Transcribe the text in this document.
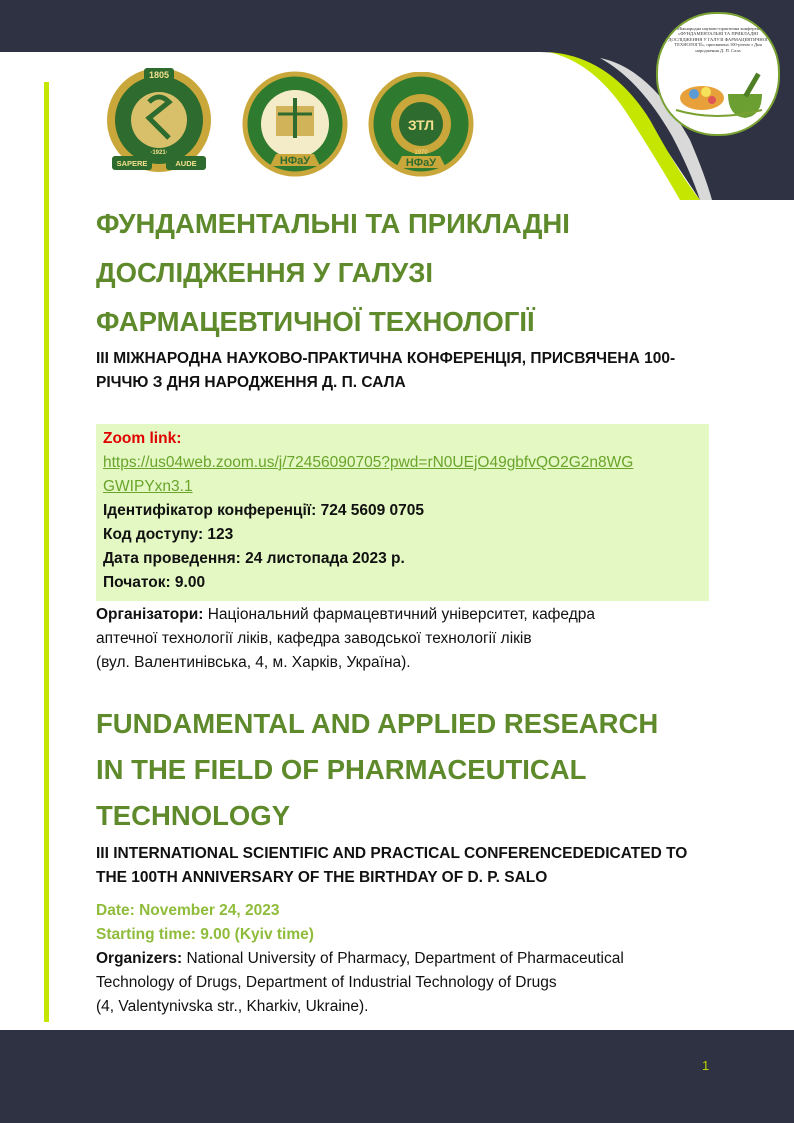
III Міжнародна науково-практична конференція «ФУНДАМЕНТАЛЬНІ ТА ПРИКЛАДНІ ДОСЛІДЖЕННЯ У ГАЛУЗІ ФАРМАЦЕВТИЧНОЇ ТЕХНОЛОГІЇ», присвячена 100-річчю з Дня народження Д. П. Сала
1805
SAPERE	AUDE
·1921·
НФаУ
ЗТЛ
1970
НФаУ
ФУНДАМЕНТАЛЬНІ ТА ПРИКЛАДНІ
ДОСЛІДЖЕННЯ У ГАЛУЗІ
ФАРМАЦЕВТИЧНОЇ ТЕХНОЛОГІЇ
III МІЖНАРОДНА НАУКОВО-ПРАКТИЧНА КОНФЕРЕНЦІЯ, ПРИСВЯЧЕНА 100-
РІЧЧЮ З ДНЯ НАРОДЖЕННЯ Д. П. САЛА
Zoom link:
https://us04web.zoom.us/j/72456090705?pwd=rN0UEjO49gbfvQO2G2n8WG
GWIPYxn3.1
Ідентифікатор конференції: 724 5609 0705
Код доступу: 123
Дата проведення: 24 листопада 2023 р.
Початок: 9.00
Організатори: Національний фармацевтичний університет, кафедра
аптечної технології ліків, кафедра заводської технології ліків
(вул. Валентинівська, 4, м. Харків, Україна).
FUNDAMENTAL AND APPLIED RESEARCH
IN THE FIELD OF PHARMACEUTICAL
TECHNOLOGY
III INTERNATIONAL SCIENTIFIC AND PRACTICAL CONFERENCEDEDICATED TO
THE 100TH ANNIVERSARY OF THE BIRTHDAY OF D. P. SALO
Date: November 24, 2023
Starting time: 9.00 (Kyiv time)
Organizers: National University of Pharmacy, Department of Pharmaceutical
Technology of Drugs, Department of Industrial Technology of Drugs
(4, Valentynivska str., Kharkiv, Ukraine).
1
